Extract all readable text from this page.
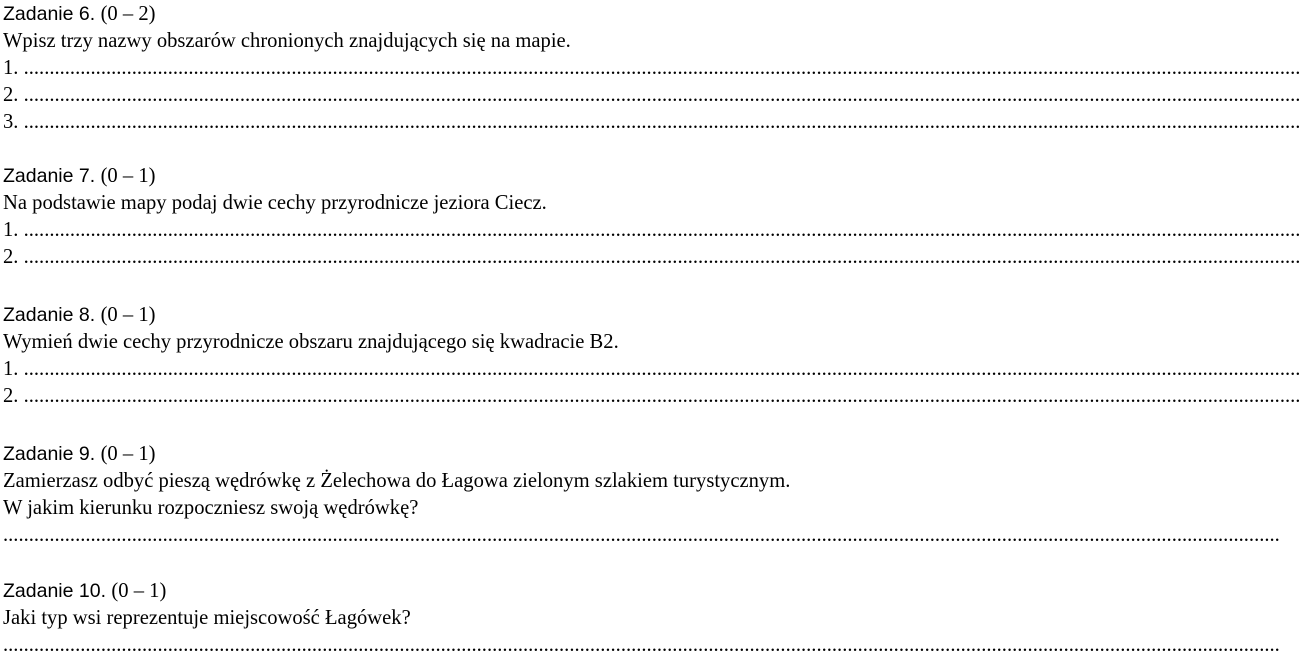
Zadanie 6. (0 – 2)
Wpisz trzy nazwy obszarów chronionych znajdujących się na mapie.
1. ........................................................................................................................................................................................................................................................
2. ........................................................................................................................................................................................................................................................
3. ........................................................................................................................................................................................................................................................
Zadanie 7. (0 – 1)
Na podstawie mapy podaj dwie cechy przyrodnicze jeziora Ciecz.
1. ........................................................................................................................................................................................................................................................
2. ........................................................................................................................................................................................................................................................
Zadanie 8. (0 – 1)
Wymień dwie cechy przyrodnicze obszaru znajdującego się kwadracie B2.
1. ........................................................................................................................................................................................................................................................
2. ........................................................................................................................................................................................................................................................
Zadanie 9. (0 – 1)
Zamierzasz odbyć pieszą wędrówkę z Żelechowa do Łagowa zielonym szlakiem turystycznym.
W jakim kierunku rozpoczniesz swoją wędrówkę?
........................................................................................................................................................................................................................................................
Zadanie 10. (0 – 1)
Jaki typ wsi reprezentuje miejscowość Łagówek?
........................................................................................................................................................................................................................................................
